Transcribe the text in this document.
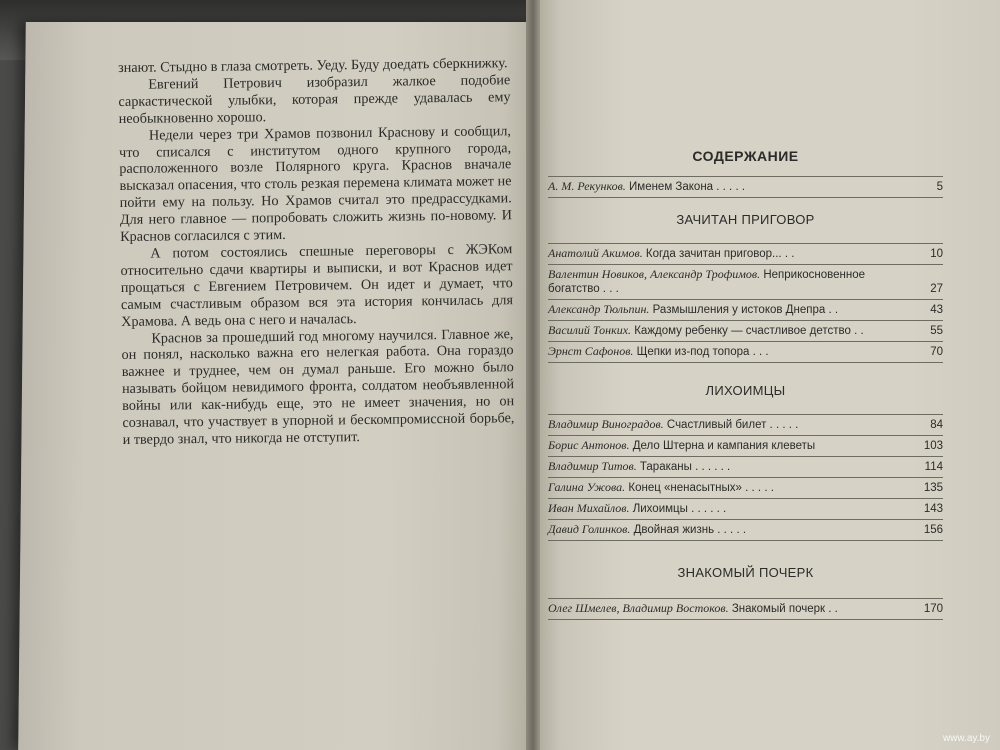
знают. Стыдно в глаза смотреть. Уеду. Буду доедать сберкнижку.

Евгений Петрович изобразил жалкое подобие саркастической улыбки, которая прежде удавалась ему необыкновенно хорошо.

Недели через три Храмов позвонил Краснову и сообщил, что списался с институтом одного крупного города, расположенного возле Полярного круга. Краснов вначале высказал опасения, что столь резкая перемена климата может не пойти ему на пользу. Но Храмов считал это предрассудками. Для него главное — попробовать сложить жизнь по-новому. И Краснов согласился с этим.

А потом состоялись спешные переговоры с ЖЭКом относительно сдачи квартиры и выписки, и вот Краснов идет прощаться с Евгением Петровичем. Он идет и думает, что самым счастливым образом вся эта история кончилась для Храмова. А ведь она с него и началась.

Краснов за прошедший год многому научился. Главное же, он понял, насколько важна его нелегкая работа. Она гораздо важнее и труднее, чем он думал раньше. Его можно было называть бойцом невидимого фронта, солдатом необъявленной войны или как-нибудь еще, это не имеет значения, но он сознавал, что участвует в упорной и бескомпромиссной борьбе, и твердо знал, что никогда не отступит.

СОДЕРЖАНИЕ
А. М. Рекунков. Именем Закона . . . . .	5
ЗАЧИТАН ПРИГОВОР
Анатолий Акимов. Когда зачитан приговор... . .	10
Валентин Новиков, Александр Трофимов. Неприкосновенное богатство . . .	27
Александр Тюльпин. Размышления у истоков Днепра . .	43
Василий Тонких. Каждому ребенку — счастливое детство . .	55
Эрнст Сафонов. Щепки из-под топора . . .	70
ЛИХОИМЦЫ
Владимир Виноградов. Счастливый билет . . . . .	84
Борис Антонов. Дело Штерна и кампания клеветы	103
Владимир Титов. Тараканы . . . . . .	114
Галина Ужова. Конец «ненасытных» . . . . .	135
Иван Михайлов. Лихоимцы . . . . . .	143
Давид Голинков. Двойная жизнь . . . . .	156
ЗНАКОМЫЙ ПОЧЕРК
Олег Шмелев, Владимир Востоков. Знакомый почерк . .	170
www.ay.by
